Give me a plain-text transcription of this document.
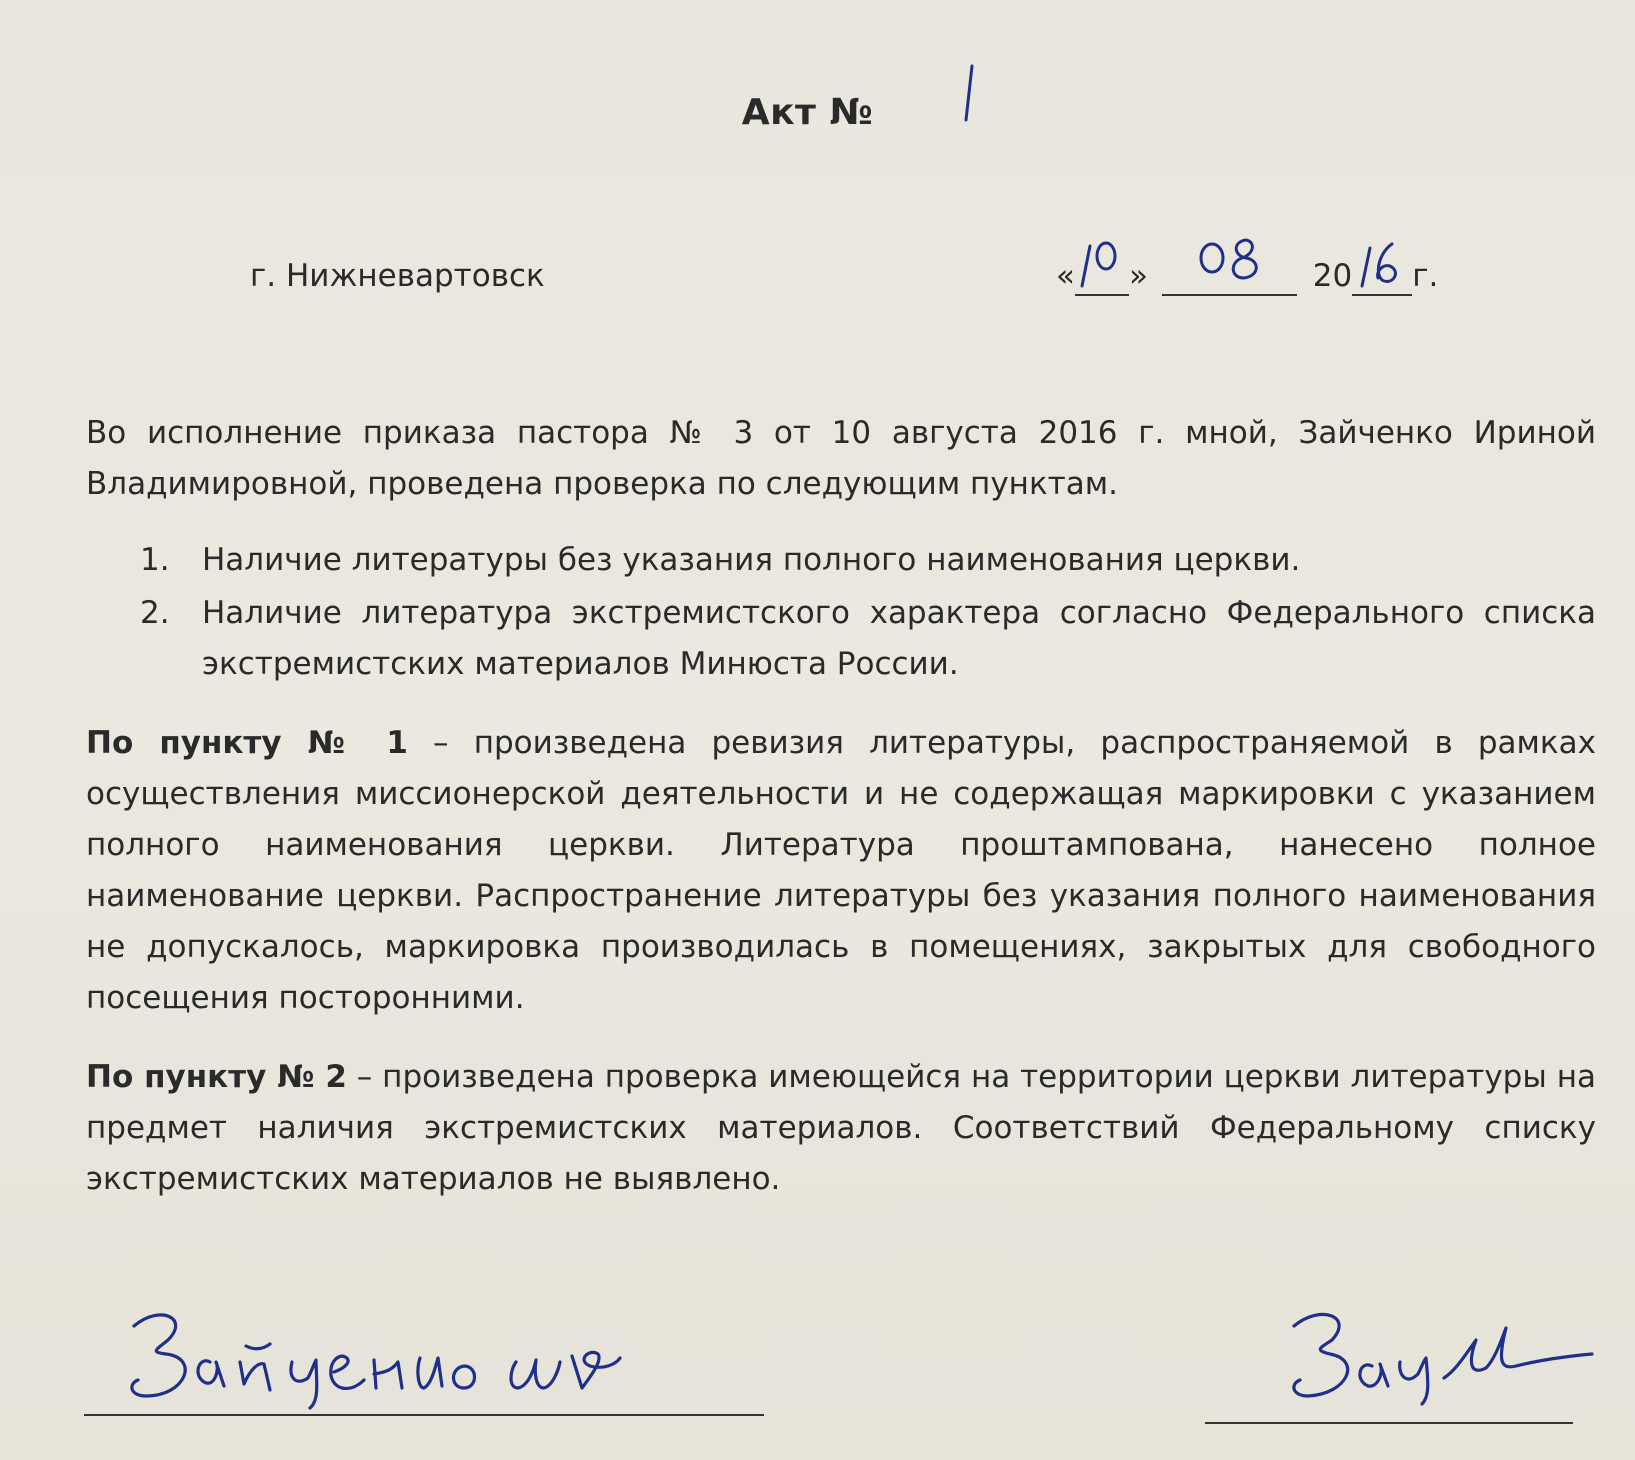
Акт №
г. Нижневартовск	« »	20 г.
Во исполнение приказа пастора № 3 от 10 августа 2016 г. мной, Зайченко Ириной Владимировной, проведена проверка по следующим пунктам.
1. Наличие литературы без указания полного наименования церкви.
2. Наличие литература экстремистского характера согласно Федерального списка экстремистских материалов Минюста России.
По пункту № 1 – произведена ревизия литературы, распространяемой в рамках осуществления миссионерской деятельности и не содержащая маркировки с указанием полного наименования церкви. Литература проштампована, нанесено полное наименование церкви. Распространение литературы без указания полного наименования не допускалось, маркировка производилась в помещениях, закрытых для свободного посещения посторонними.
По пункту № 2 – произведена проверка имеющейся на территории церкви литературы на предмет наличия экстремистских материалов. Соответствий Федеральному списку экстремистских материалов не выявлено.
